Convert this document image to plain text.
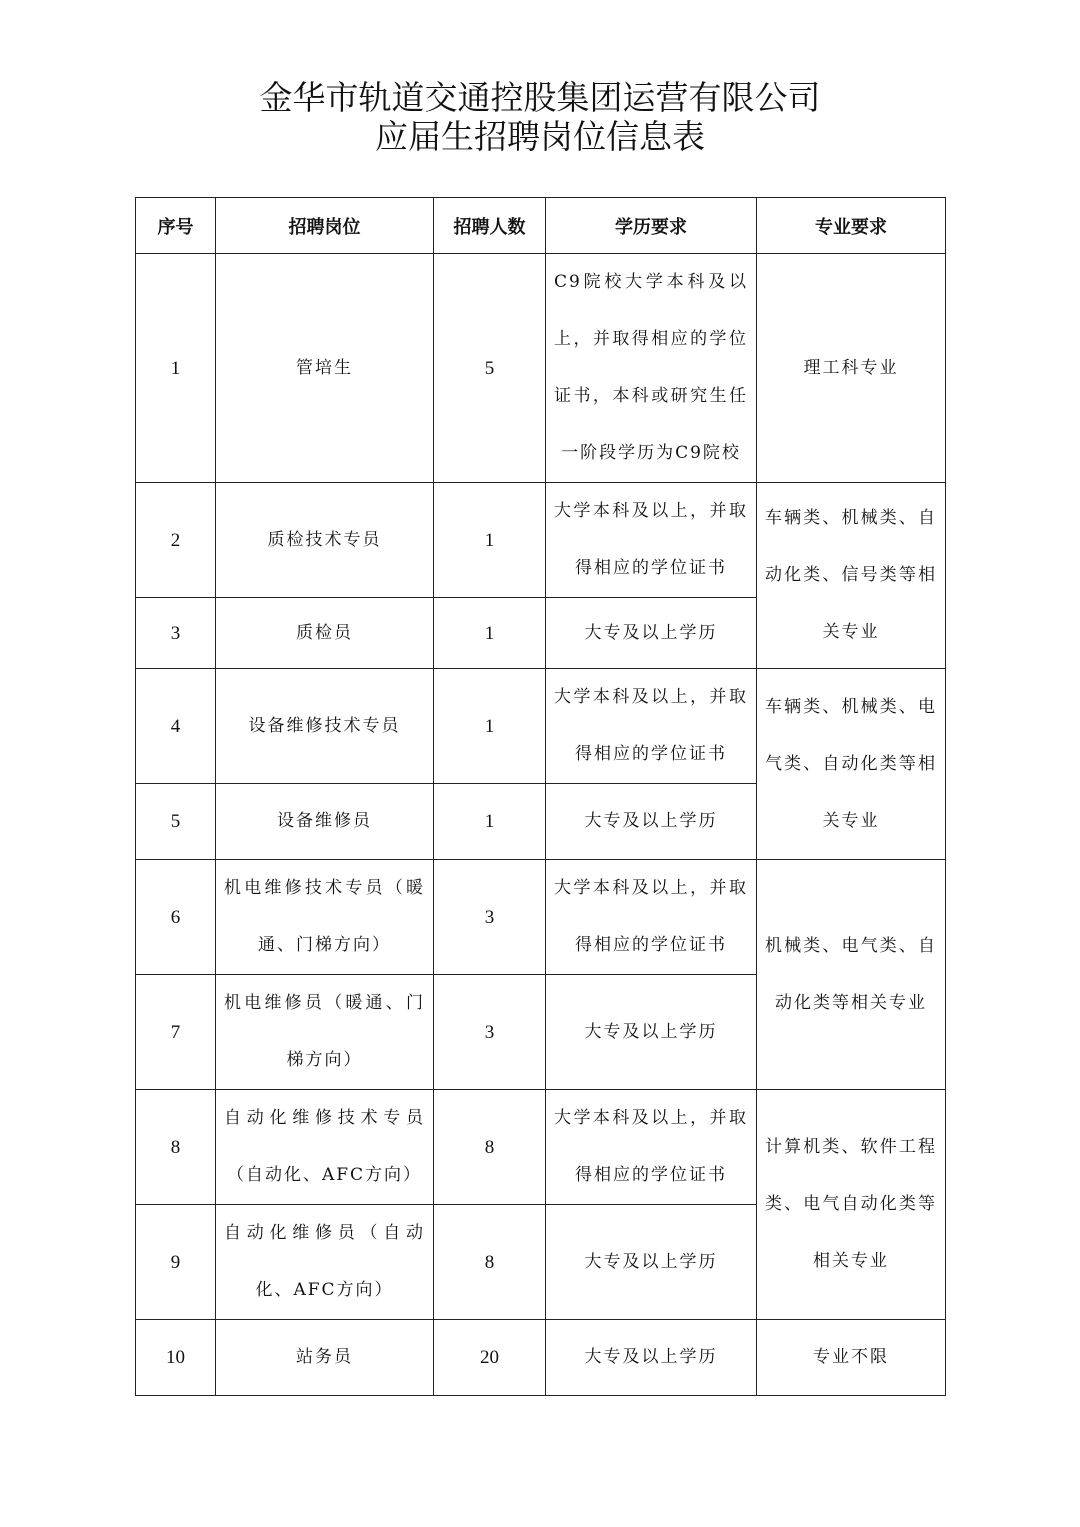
金华市轨道交通控股集团运营有限公司
应届生招聘岗位信息表
序号	招聘岗位	招聘人数	学历要求	专业要求
1	管培生	5	C9院校大学本科及以上，并取得相应的学位证书，本科或研究生任一阶段学历为C9院校	理工科专业
2	质检技术专员	1	大学本科及以上，并取得相应的学位证书	车辆类、机械类、自动化类、信号类等相关专业
3	质检员	1	大专及以上学历	
4	设备维修技术专员	1	大学本科及以上，并取得相应的学位证书	车辆类、机械类、电气类、自动化类等相关专业
5	设备维修员	1	大专及以上学历	
6	机电维修技术专员（暖通、门梯方向）	3	大学本科及以上，并取得相应的学位证书	机械类、电气类、自动化类等相关专业
7	机电维修员（暖通、门梯方向）	3	大专及以上学历	
8	自动化维修技术专员（自动化、AFC方向）	8	大学本科及以上，并取得相应的学位证书	计算机类、软件工程类、电气自动化类等相关专业
9	自动化维修员（自动化、AFC方向）	8	大专及以上学历	
10	站务员	20	大专及以上学历	专业不限
